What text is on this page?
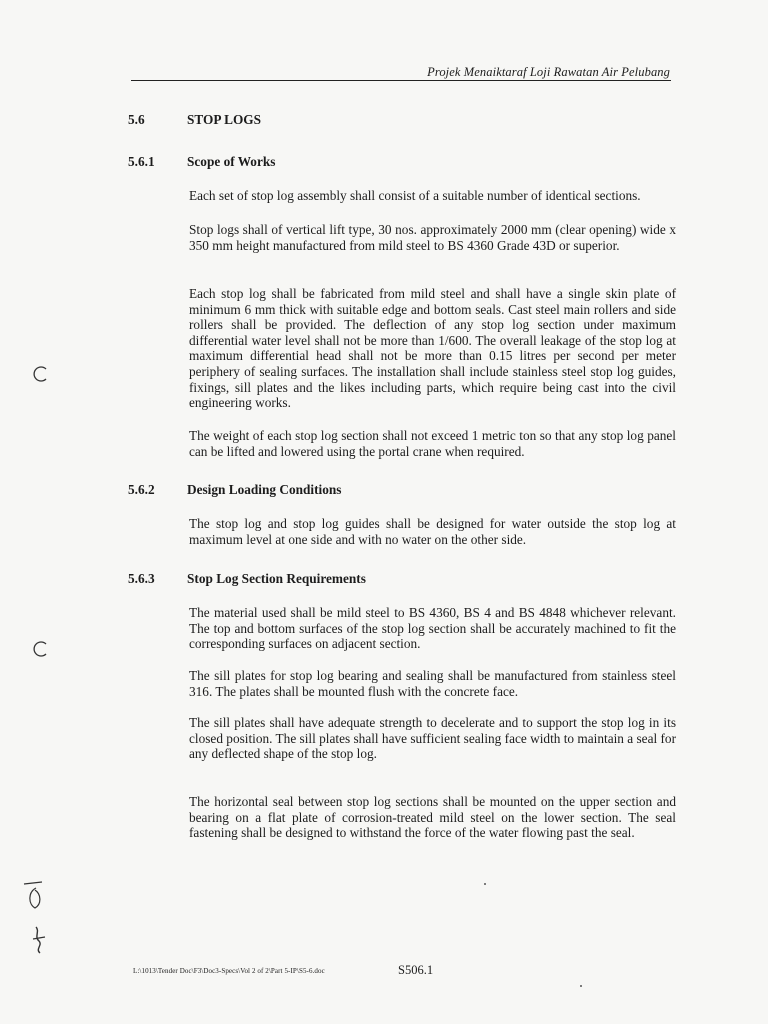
Projek Menaiktaraf Loji Rawatan Air Pelubang
5.6	STOP LOGS
5.6.1 Scope of Works

Each set of stop log assembly shall consist of a suitable number of identical sections.

Stop logs shall of vertical lift type, 30 nos. approximately 2000 mm (clear opening) wide x 350 mm height manufactured from mild steel to BS 4360 Grade 43D or superior.

Each stop log shall be fabricated from mild steel and shall have a single skin plate of minimum 6 mm thick with suitable edge and bottom seals. Cast steel main rollers and side rollers shall be provided. The deflection of any stop log section under maximum differential water level shall not be more than 1/600. The overall leakage of the stop log at maximum differential head shall not be more than 0.15 litres per second per meter periphery of sealing surfaces. The installation shall include stainless steel stop log guides, fixings, sill plates and the likes including parts, which require being cast into the civil engineering works.

The weight of each stop log section shall not exceed 1 metric ton so that any stop log panel can be lifted and lowered using the portal crane when required.

5.6.2 Design Loading Conditions

The stop log and stop log guides shall be designed for water outside the stop log at maximum level at one side and with no water on the other side.

5.6.3 Stop Log Section Requirements

The material used shall be mild steel to BS 4360, BS 4 and BS 4848 whichever relevant. The top and bottom surfaces of the stop log section shall be accurately machined to fit the corresponding surfaces on adjacent section.

The sill plates for stop log bearing and sealing shall be manufactured from stainless steel 316. The plates shall be mounted flush with the concrete face.

The sill plates shall have adequate strength to decelerate and to support the stop log in its closed position. The sill plates shall have sufficient sealing face width to maintain a seal for any deflected shape of the stop log.

The horizontal seal between stop log sections shall be mounted on the upper section and bearing on a flat plate of corrosion-treated mild steel on the lower section. The seal fastening shall be designed to withstand the force of the water flowing past the seal.

L:\1013\Tender Doc\F3\Doc3-Specs\Vol 2 of 2\Part 5-IP\S5-6.doc	S506.1
